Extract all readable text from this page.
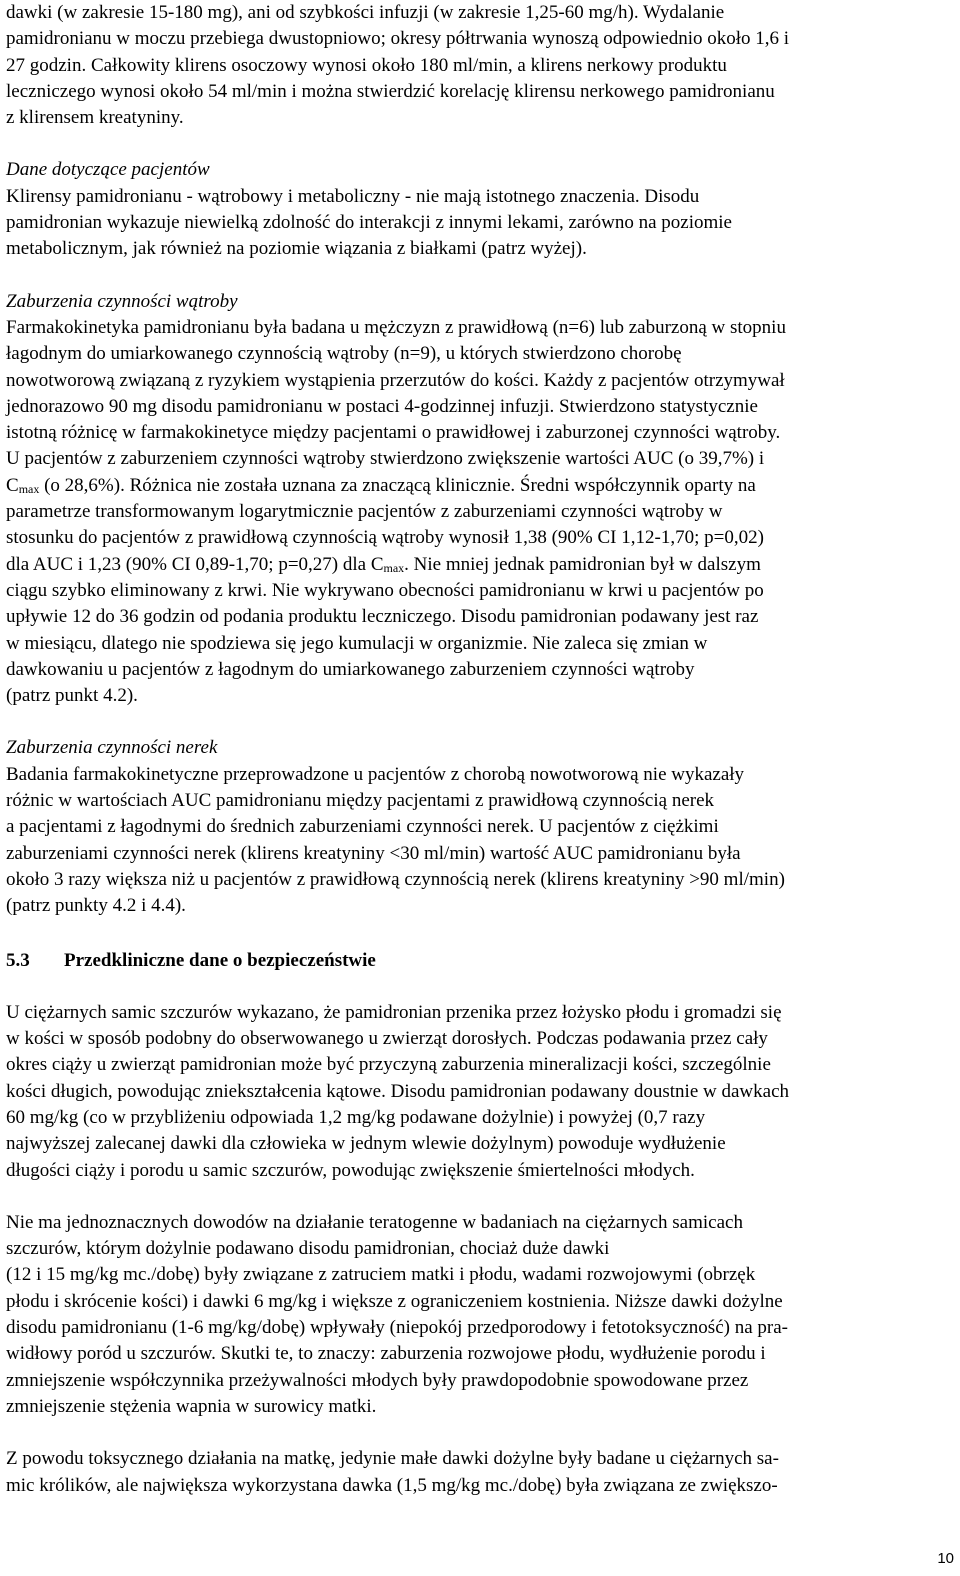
dawki (w zakresie 15-180 mg), ani od szybkości infuzji (w zakresie 1,25-60 mg/h). Wydalanie

pamidronianu w moczu przebiega dwustopniowo; okresy półtrwania wynoszą odpowiednio około 1,6 i

27 godzin. Całkowity klirens osoczowy wynosi około 180 ml/min, a klirens nerkowy produktu

leczniczego wynosi około 54 ml/min i można stwierdzić korelację klirensu nerkowego pamidronianu

z klirensem kreatyniny.

Dane dotyczące pacjentów

Klirensy pamidronianu - wątrobowy i metaboliczny - nie mają istotnego znaczenia. Disodu

pamidronian wykazuje niewielką zdolność do interakcji z innymi lekami, zarówno na poziomie

metabolicznym, jak również na poziomie wiązania z białkami (patrz wyżej).

Zaburzenia czynności wątroby

Farmakokinetyka pamidronianu była badana u mężczyzn z prawidłową (n=6) lub zaburzoną w stopniu

łagodnym do umiarkowanego czynnością wątroby (n=9), u których stwierdzono chorobę

nowotworową związaną z ryzykiem wystąpienia przerzutów do kości. Każdy z pacjentów otrzymywał

jednorazowo 90 mg disodu pamidronianu w postaci 4-godzinnej infuzji. Stwierdzono statystycznie

istotną różnicę w farmakokinetyce między pacjentami o prawidłowej i zaburzonej czynności wątroby.

U pacjentów z zaburzeniem czynności wątroby stwierdzono zwiększenie wartości AUC (o 39,7%) i

$C_{max}$ (o 28,6%). Różnica nie została uznana za znaczącą klinicznie. Średni współczynnik oparty na

parametrze transformowanym logarytmicznie pacjentów z zaburzeniami czynności wątroby w

stosunku do pacjentów z prawidłową czynnością wątroby wynosił 1,38 (90% CI 1,12-1,70; p=0,02)

dla AUC i 1,23 (90% CI 0,89-1,70; p=0,27) dla $C_{max}$. Nie mniej jednak pamidronian był w dalszym

ciągu szybko eliminowany z krwi. Nie wykrywano obecności pamidronianu w krwi u pacjentów po

upływie 12 do 36 godzin od podania produktu leczniczego. Disodu pamidronian podawany jest raz

w miesiącu, dlatego nie spodziewa się jego kumulacji w organizmie. Nie zaleca się zmian w

dawkowaniu u pacjentów z łagodnym do umiarkowanego zaburzeniem czynności wątroby

(patrz punkt 4.2).

Zaburzenia czynności nerek

Badania farmakokinetyczne przeprowadzone u pacjentów z chorobą nowotworową nie wykazały

różnic w wartościach AUC pamidronianu między pacjentami z prawidłową czynnością nerek

a pacjentami z łagodnymi do średnich zaburzeniami czynności nerek. U pacjentów z ciężkimi

zaburzeniami czynności nerek (klirens kreatyniny <30 ml/min) wartość AUC pamidronianu była

około 3 razy większa niż u pacjentów z prawidłową czynnością nerek (klirens kreatyniny >90 ml/min)

(patrz punkty 4.2 i 4.4).

5.3 Przedkliniczne dane o bezpieczeństwie

U ciężarnych samic szczurów wykazano, że pamidronian przenika przez łożysko płodu i gromadzi się

w kości w sposób podobny do obserwowanego u zwierząt dorosłych. Podczas podawania przez cały

okres ciąży u zwierząt pamidronian może być przyczyną zaburzenia mineralizacji kości, szczególnie

kości długich, powodując zniekształcenia kątowe. Disodu pamidronian podawany doustnie w dawkach

60 mg/kg (co w przybliżeniu odpowiada 1,2 mg/kg podawane dożylnie) i powyżej (0,7 razy

najwyższej zalecanej dawki dla człowieka w jednym wlewie dożylnym) powoduje wydłużenie

długości ciąży i porodu u samic szczurów, powodując zwiększenie śmiertelności młodych.

Nie ma jednoznacznych dowodów na działanie teratogenne w badaniach na ciężarnych samicach

szczurów, którym dożylnie podawano disodu pamidronian, chociaż duże dawki

(12 i 15 mg/kg mc./dobę) były związane z zatruciem matki i płodu, wadami rozwojowymi (obrzęk

płodu i skrócenie kości) i dawki 6 mg/kg i większe z ograniczeniem kostnienia. Niższe dawki dożylne

disodu pamidronianu (1-6 mg/kg/dobę) wpływały (niepokój przedporodowy i fetotoksyczność) na pra-

widłowy poród u szczurów. Skutki te, to znaczy: zaburzenia rozwojowe płodu, wydłużenie porodu i

zmniejszenie współczynnika przeżywalności młodych były prawdopodobnie spowodowane przez

zmniejszenie stężenia wapnia w surowicy matki.

Z powodu toksycznego działania na matkę, jedynie małe dawki dożylne były badane u ciężarnych sa-

mic królików, ale największa wykorzystana dawka (1,5 mg/kg mc./dobę) była związana ze zwiększo-

10
